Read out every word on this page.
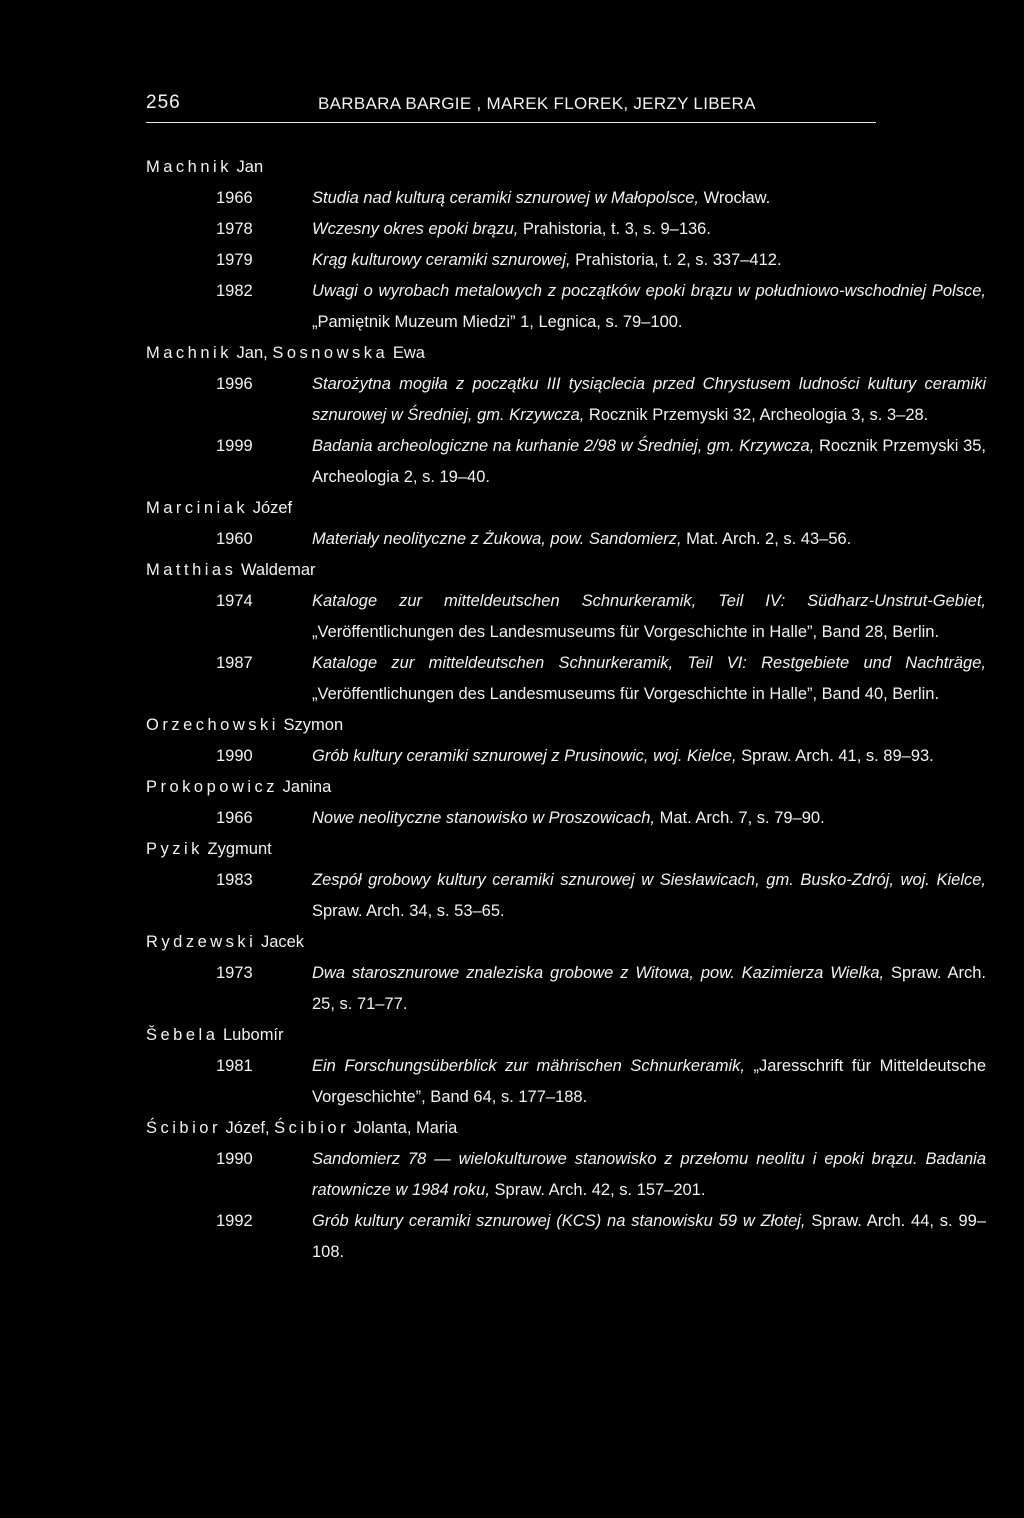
256	BARBARA BARGIE , MAREK FLOREK, JERZY LIBERA
Machnik Jan
1966	Studia nad kulturą ceramiki sznurowej w Małopolsce, Wrocław.
1978	Wczesny okres epoki brązu, Prahistoria, t. 3, s. 9–136.
1979	Krąg kulturowy ceramiki sznurowej, Prahistoria, t. 2, s. 337–412.
1982	Uwagi o wyrobach metalowych z początków epoki brązu w południowo-wschodniej Polsce, „Pamiętnik Muzeum Miedzi” 1, Legnica, s. 79–100.
Machnik Jan, Sosnowska Ewa
1996	Starożytna mogiła z początku III tysiąclecia przed Chrystusem ludności kultury ceramiki sznurowej w Średniej, gm. Krzywcza, Rocznik Przemyski 32, Archeologia 3, s. 3–28.
1999	Badania archeologiczne na kurhanie 2/98 w Średniej, gm. Krzywcza, Rocznik Przemyski 35, Archeologia 2, s. 19–40.
Marciniak Józef
1960	Materiały neolityczne z Żukowa, pow. Sandomierz, Mat. Arch. 2, s. 43–56.
Matthias Waldemar
1974	Kataloge zur mitteldeutschen Schnurkeramik, Teil IV: Südharz-Unstrut-Gebiet, „Veröffentlichungen des Landesmuseums für Vorgeschichte in Halle”, Band 28, Berlin.
1987	Kataloge zur mitteldeutschen Schnurkeramik, Teil VI: Restgebiete und Nachträge, „Veröffentlichungen des Landesmuseums für Vorgeschichte in Halle”, Band 40, Berlin.
Orzechowski Szymon
1990	Grób kultury ceramiki sznurowej z Prusinowic, woj. Kielce, Spraw. Arch. 41, s. 89–93.
Prokopowicz Janina
1966	Nowe neolityczne stanowisko w Proszowicach, Mat. Arch. 7, s. 79–90.
Pyzik Zygmunt
1983	Zespół grobowy kultury ceramiki sznurowej w Siesławicach, gm. Busko-Zdrój, woj. Kielce, Spraw. Arch. 34, s. 53–65.
Rydzewski Jacek
1973	Dwa starosznurowe znaleziska grobowe z Witowa, pow. Kazimierza Wielka, Spraw. Arch. 25, s. 71–77.
Šebela Lubomír
1981	Ein Forschungsüberblick zur mährischen Schnurkeramik, „Jaresschrift für Mitteldeutsche Vorgeschichte”, Band 64, s. 177–188.
Ścibior Józef, Ścibior Jolanta, Maria
1990	Sandomierz 78 — wielokulturowe stanowisko z przełomu neolitu i epoki brązu. Badania ratownicze w 1984 roku, Spraw. Arch. 42, s. 157–201.
1992	Grób kultury ceramiki sznurowej (KCS) na stanowisku 59 w Złotej, Spraw. Arch. 44, s. 99–108.
